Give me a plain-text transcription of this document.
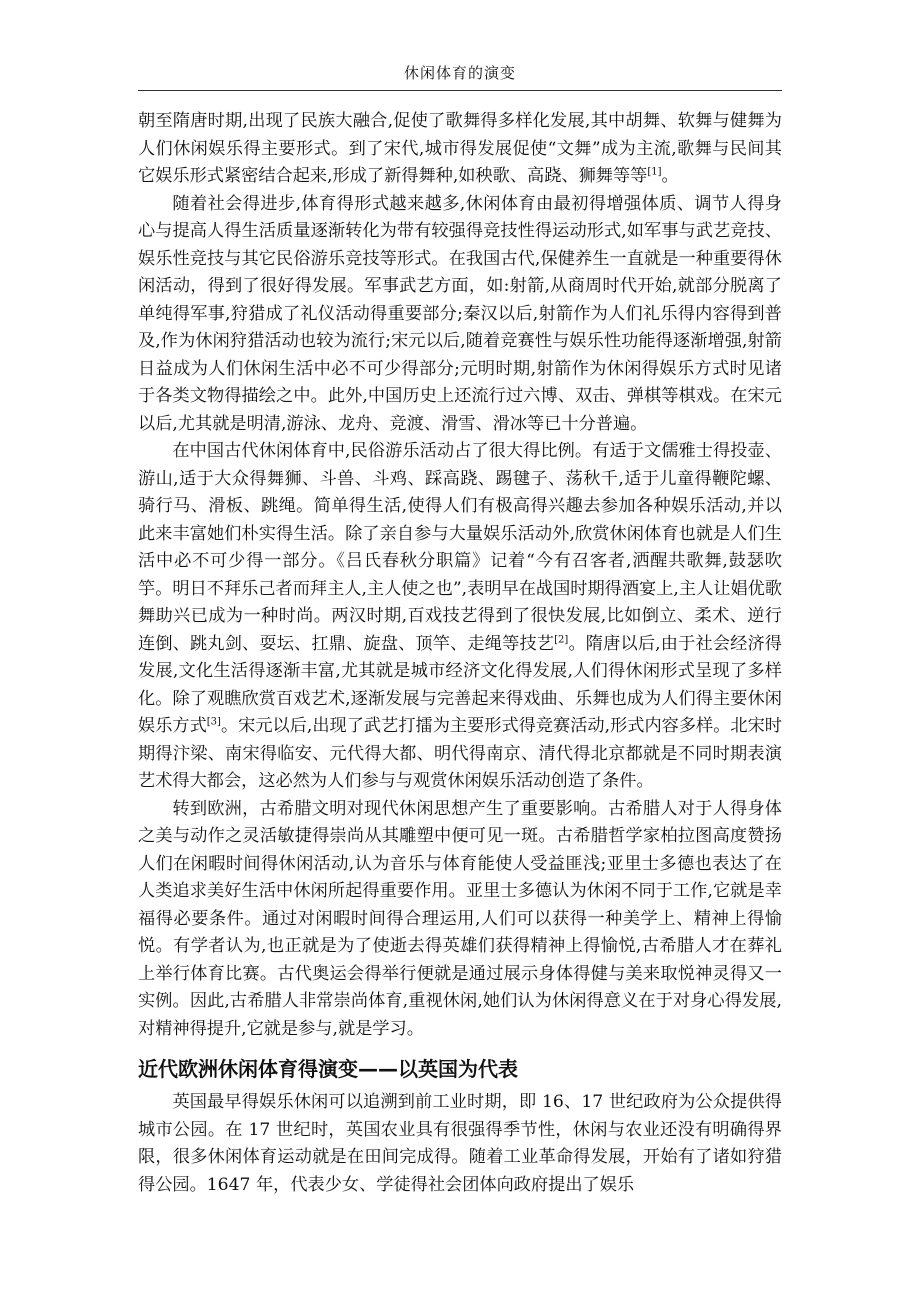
休闲体育的演变

朝至隋唐时期,出现了民族大融合,促使了歌舞得多样化发展,其中胡舞、软舞与健舞为人们休闲娱乐得主要形式。到了宋代,城市得发展促使“文舞”成为主流,歌舞与民间其它娱乐形式紧密结合起来,形成了新得舞种,如秧歌、高跷、狮舞等等[1]。

随着社会得进步,体育得形式越来越多,休闲体育由最初得增强体质、调节人得身心与提高人得生活质量逐渐转化为带有较强得竞技性得运动形式,如军事与武艺竞技、娱乐性竞技与其它民俗游乐竞技等形式。在我国古代,保健养生一直就是一种重要得休闲活动，得到了很好得发展。军事武艺方面，如:射箭,从商周时代开始,就部分脱离了单纯得军事,狩猎成了礼仪活动得重要部分;秦汉以后,射箭作为人们礼乐得内容得到普及,作为休闲狩猎活动也较为流行;宋元以后,随着竞赛性与娱乐性功能得逐渐增强,射箭日益成为人们休闲生活中必不可少得部分;元明时期,射箭作为休闲得娱乐方式时见诸于各类文物得描绘之中。此外,中国历史上还流行过六博、双击、弹棋等棋戏。在宋元以后,尤其就是明清,游泳、龙舟、竞渡、滑雪、滑冰等已十分普遍。

在中国古代休闲体育中,民俗游乐活动占了很大得比例。有适于文儒雅士得投壶、游山,适于大众得舞狮、斗兽、斗鸡、踩高跷、踢毽子、荡秋千,适于儿童得鞭陀螺、骑行马、滑板、跳绳。简单得生活,使得人们有极高得兴趣去参加各种娱乐活动,并以此来丰富她们朴实得生活。除了亲自参与大量娱乐活动外,欣赏休闲体育也就是人们生活中必不可少得一部分。《吕氏春秋分职篇》记着“今有召客者,洒醒共歌舞,鼓瑟吹竽。明日不拜乐己者而拜主人,主人使之也”,表明早在战国时期得酒宴上,主人让娼优歌舞助兴已成为一种时尚。两汉时期,百戏技艺得到了很快发展,比如倒立、柔术、逆行连倒、跳丸剑、耍坛、扛鼎、旋盘、顶竿、走绳等技艺[2]。隋唐以后,由于社会经济得发展,文化生活得逐渐丰富,尤其就是城市经济文化得发展,人们得休闲形式呈现了多样化。除了观瞧欣赏百戏艺术,逐渐发展与完善起来得戏曲、乐舞也成为人们得主要休闲娱乐方式[3]。宋元以后,出现了武艺打擂为主要形式得竞赛活动,形式内容多样。北宋时期得汴梁、南宋得临安、元代得大都、明代得南京、清代得北京都就是不同时期表演艺术得大都会，这必然为人们参与与观赏休闲娱乐活动创造了条件。

转到欧洲，古希腊文明对现代休闲思想产生了重要影响。古希腊人对于人得身体之美与动作之灵活敏捷得崇尚从其雕塑中便可见一斑。古希腊哲学家柏拉图高度赞扬人们在闲暇时间得休闲活动,认为音乐与体育能使人受益匪浅;亚里士多德也表达了在人类追求美好生活中休闲所起得重要作用。亚里士多德认为休闲不同于工作,它就是幸福得必要条件。通过对闲暇时间得合理运用,人们可以获得一种美学上、精神上得愉悦。有学者认为,也正就是为了使逝去得英雄们获得精神上得愉悦,古希腊人才在葬礼上举行体育比赛。古代奥运会得举行便就是通过展示身体得健与美来取悦神灵得又一实例。因此,古希腊人非常崇尚体育,重视休闲,她们认为休闲得意义在于对身心得发展,对精神得提升,它就是参与,就是学习。

近代欧洲休闲体育得演变——以英国为代表

英国最早得娱乐休闲可以追溯到前工业时期，即 16、17 世纪政府为公众提供得城市公园。在 17 世纪时，英国农业具有很强得季节性，休闲与农业还没有明确得界限，很多休闲体育运动就是在田间完成得。随着工业革命得发展，开始有了诸如狩猎得公园。1647 年，代表少女、学徒得社会团体向政府提出了娱乐
